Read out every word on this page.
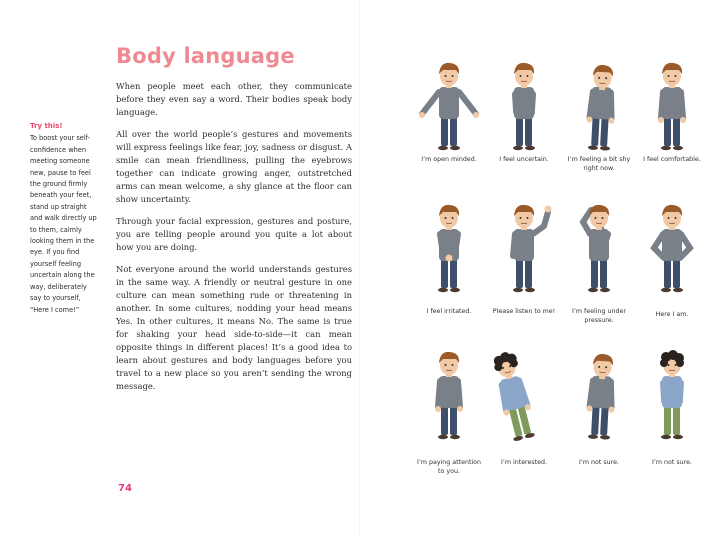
Body language
Try this!
To boost your self-confidence when meeting someone new, pause to feel the ground firmly beneath your feet, stand up straight and walk directly up to them, calmly looking them in the eye. If you find yourself feeling uncertain along the way, deliberately say to yourself, “Here I come!”

When people meet each other, they communicate before they even say a word. Their bodies speak body language.

All over the world people’s gestures and movements will express feelings like fear, joy, sadness or disgust. A smile can mean friendliness, pulling the eyebrows together can indicate growing anger, outstretched arms can mean welcome, a shy glance at the floor can show uncertainty.

Through your facial expression, gestures and posture, you are telling people around you quite a lot about how you are doing.

Not everyone around the world understands gestures in the same way. A friendly or neutral gesture in one culture can mean something rude or threatening in another. In some cultures, nodding your head means Yes. In other cultures, it means No. The same is true for shaking your head side-to-side—it can mean opposite things in different places! It’s a good idea to learn about gestures and body languages before you travel to a new place so you aren’t sending the wrong message.

74
I’m open minded.	I feel uncertain.	I’m feeling a bit shy right now.
I feel comfortable.
I feel irritated.	Please listen to me!	I’m feeling under pressure.
Here I am.
I’m paying attention to you.
I’m interested.	I’m not sure.	I’m not sure.
